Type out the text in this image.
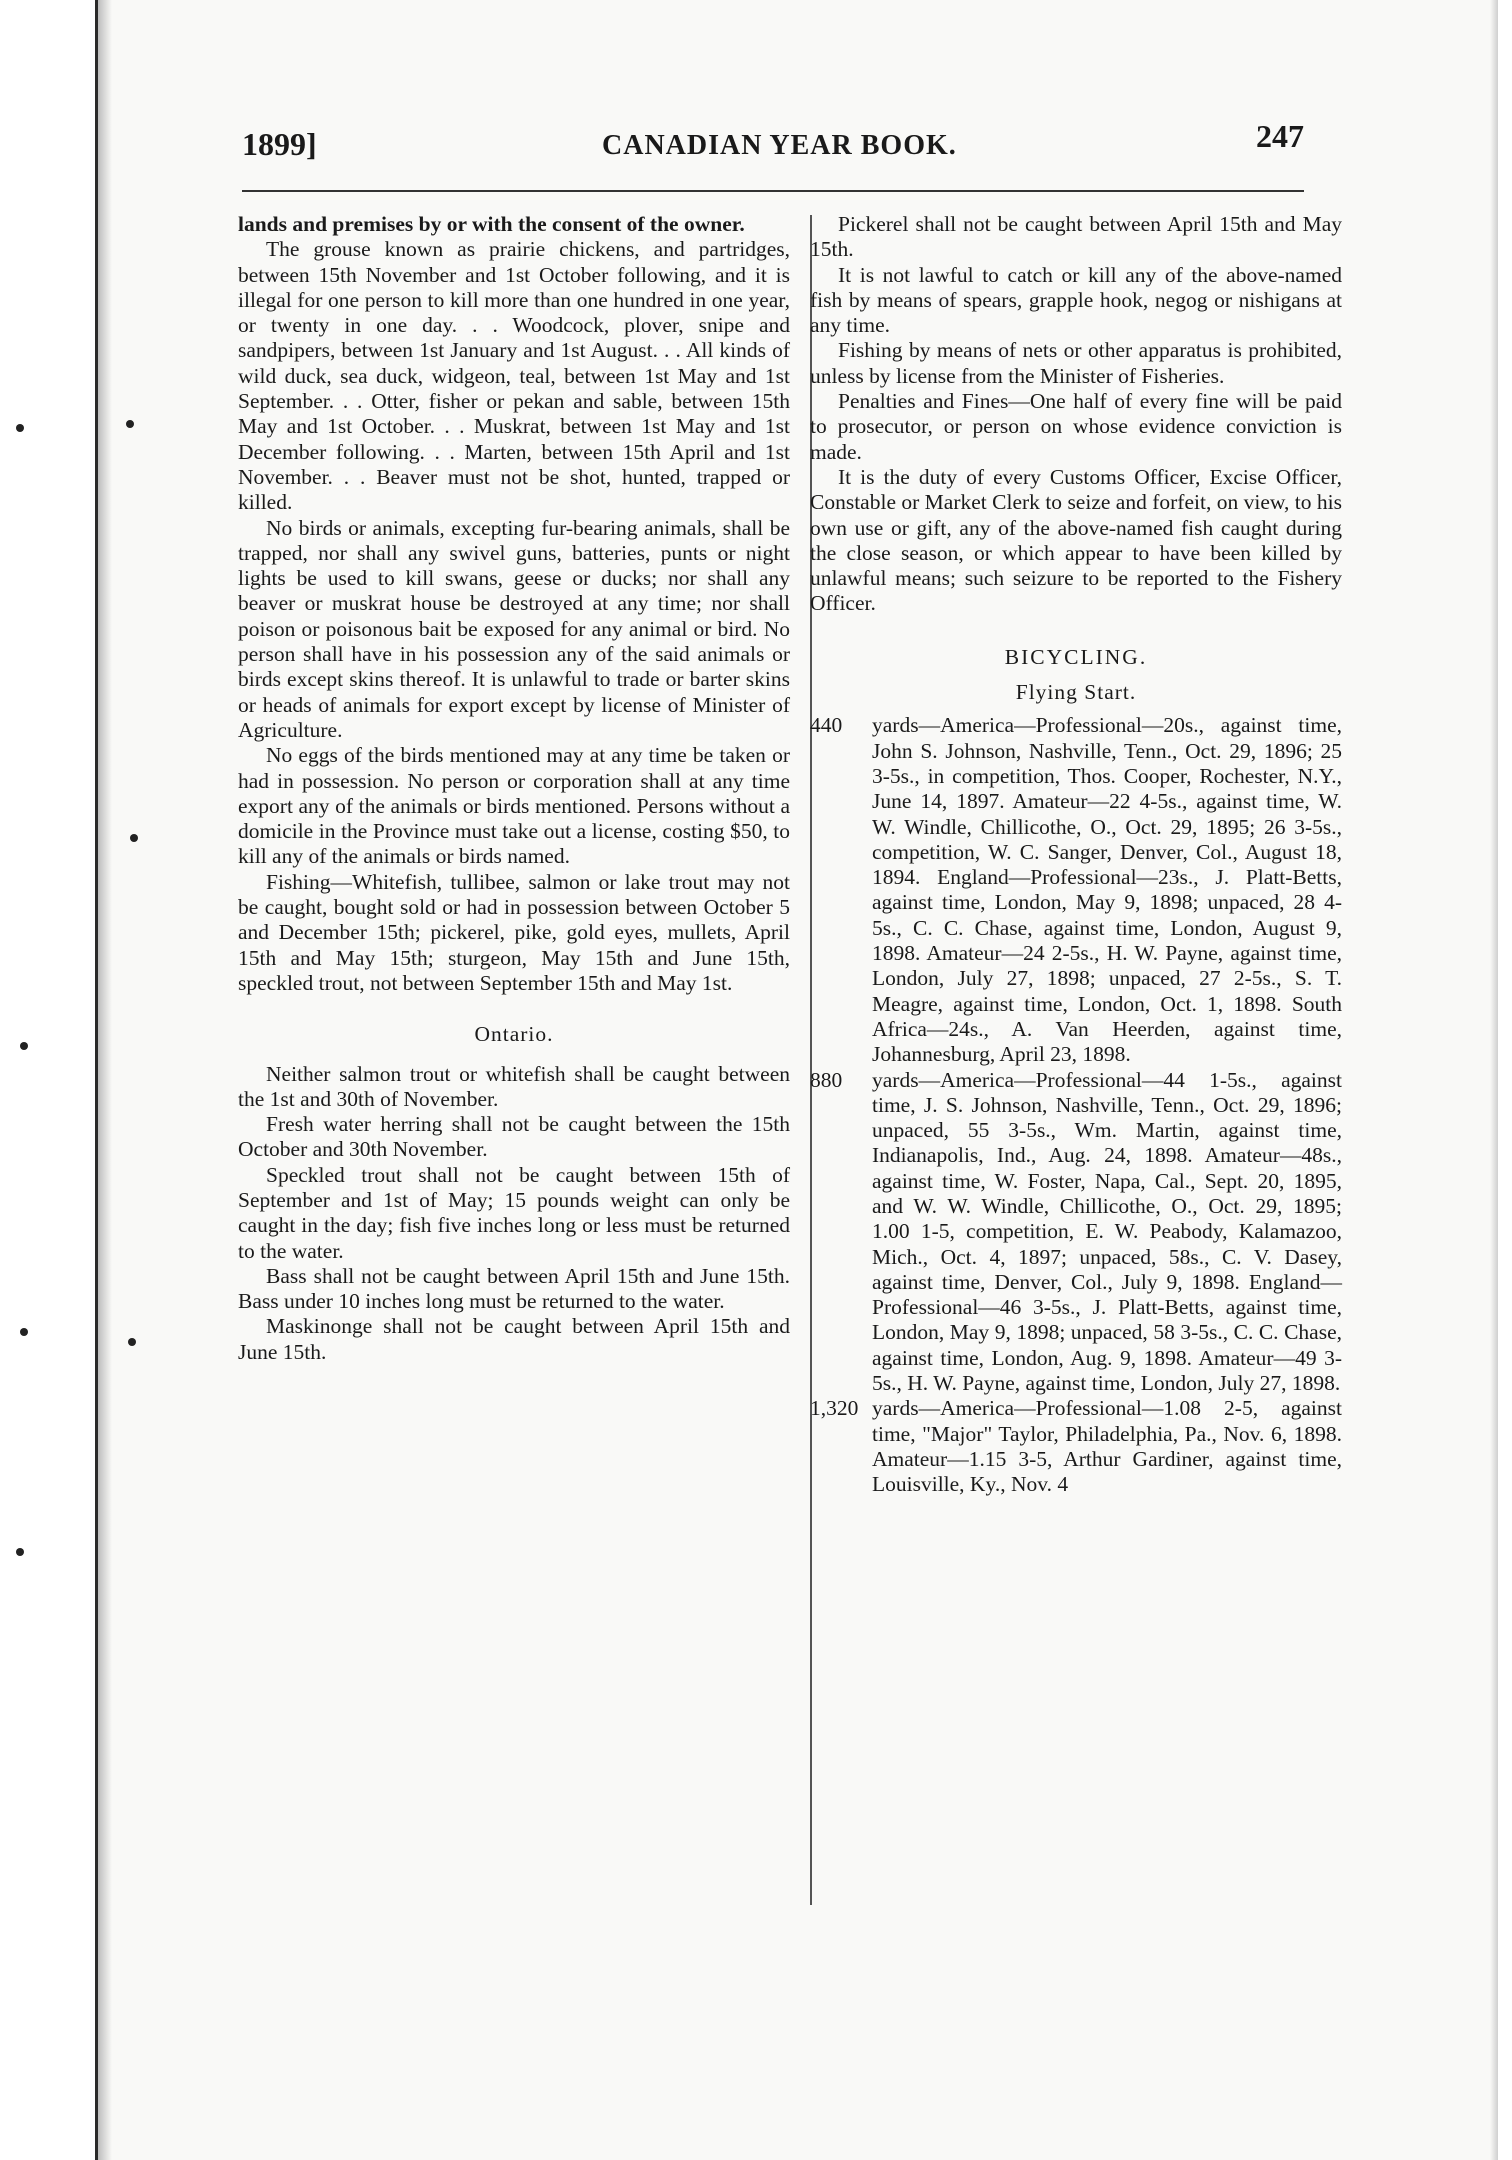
1899]	CANADIAN YEAR BOOK.	247

lands and premises by or with the consent of the owner.

The grouse known as prairie chickens, and partridges, between 15th November and 1st October following, and it is illegal for one person to kill more than one hundred in one year, or twenty in one day. . . Woodcock, plover, snipe and sandpipers, between 1st January and 1st August. . . All kinds of wild duck, sea duck, widgeon, teal, between 1st May and 1st September. . . Otter, fisher or pekan and sable, between 15th May and 1st October. . . Muskrat, between 1st May and 1st December following. . . Marten, between 15th April and 1st November. . . Beaver must not be shot, hunted, trapped or killed.

No birds or animals, excepting fur-bearing animals, shall be trapped, nor shall any swivel guns, batteries, punts or night lights be used to kill swans, geese or ducks; nor shall any beaver or muskrat house be destroyed at any time; nor shall poison or poisonous bait be exposed for any animal or bird. No person shall have in his possession any of the said animals or birds except skins thereof. It is unlawful to trade or barter skins or heads of animals for export except by license of Minister of Agriculture.

No eggs of the birds mentioned may at any time be taken or had in possession. No person or corporation shall at any time export any of the animals or birds mentioned. Persons without a domicile in the Province must take out a license, costing $50, to kill any of the animals or birds named.

Fishing—Whitefish, tullibee, salmon or lake trout may not be caught, bought sold or had in possession between October 5 and December 15th; pickerel, pike, gold eyes, mullets, April 15th and May 15th; sturgeon, May 15th and June 15th, speckled trout, not between September 15th and May 1st.

Ontario.

Neither salmon trout or whitefish shall be caught between the 1st and 30th of November.

Fresh water herring shall not be caught between the 15th October and 30th November.

Speckled trout shall not be caught between 15th of September and 1st of May; 15 pounds weight can only be caught in the day; fish five inches long or less must be returned to the water.

Bass shall not be caught between April 15th and June 15th. Bass under 10 inches long must be returned to the water.

Maskinonge shall not be caught between April 15th and June 15th.

Pickerel shall not be caught between April 15th and May 15th.

It is not lawful to catch or kill any of the above-named fish by means of spears, grapple hook, negog or nishigans at any time.

Fishing by means of nets or other apparatus is prohibited, unless by license from the Minister of Fisheries.

Penalties and Fines—One half of every fine will be paid to prosecutor, or person on whose evidence conviction is made.

It is the duty of every Customs Officer, Excise Officer, Constable or Market Clerk to seize and forfeit, on view, to his own use or gift, any of the above-named fish caught during the close season, or which appear to have been killed by unlawful means; such seizure to be reported to the Fishery Officer.

BICYCLING.
Flying Start.
440	yards—America—Professional—20s., against time, John S. Johnson, Nashville, Tenn., Oct. 29, 1896; 25 3-5s., in competition, Thos. Cooper, Rochester, N.Y., June 14, 1897. Amateur—22 4-5s., against time, W. W. Windle, Chillicothe, O., Oct. 29, 1895; 26 3-5s., competition, W. C. Sanger, Denver, Col., August 18, 1894. England—Professional—23s., J. Platt-Betts, against time, London, May 9, 1898; unpaced, 28 4-5s., C. C. Chase, against time, London, August 9, 1898. Amateur—24 2-5s., H. W. Payne, against time, London, July 27, 1898; unpaced, 27 2-5s., S. T. Meagre, against time, London, Oct. 1, 1898. South Africa—24s., A. Van Heerden, against time, Johannesburg, April 23, 1898.
880	yards—America—Professional—44 1-5s., against time, J. S. Johnson, Nashville, Tenn., Oct. 29, 1896; unpaced, 55 3-5s., Wm. Martin, against time, Indianapolis, Ind., Aug. 24, 1898. Amateur—48s., against time, W. Foster, Napa, Cal., Sept. 20, 1895, and W. W. Windle, Chillicothe, O., Oct. 29, 1895; 1.00 1-5, competition, E. W. Peabody, Kalamazoo, Mich., Oct. 4, 1897; unpaced, 58s., C. V. Dasey, against time, Denver, Col., July 9, 1898. England—Professional—46 3-5s., J. Platt-Betts, against time, London, May 9, 1898; unpaced, 58 3-5s., C. C. Chase, against time, London, Aug. 9, 1898. Amateur—49 3-5s., H. W. Payne, against time, London, July 27, 1898.
1,320 yards—America—Professional—1.08 2-5, against time, "Major" Taylor, Philadelphia, Pa., Nov. 6, 1898. Amateur—1.15 3-5, Arthur Gardiner, against time, Louisville, Ky., Nov. 4
